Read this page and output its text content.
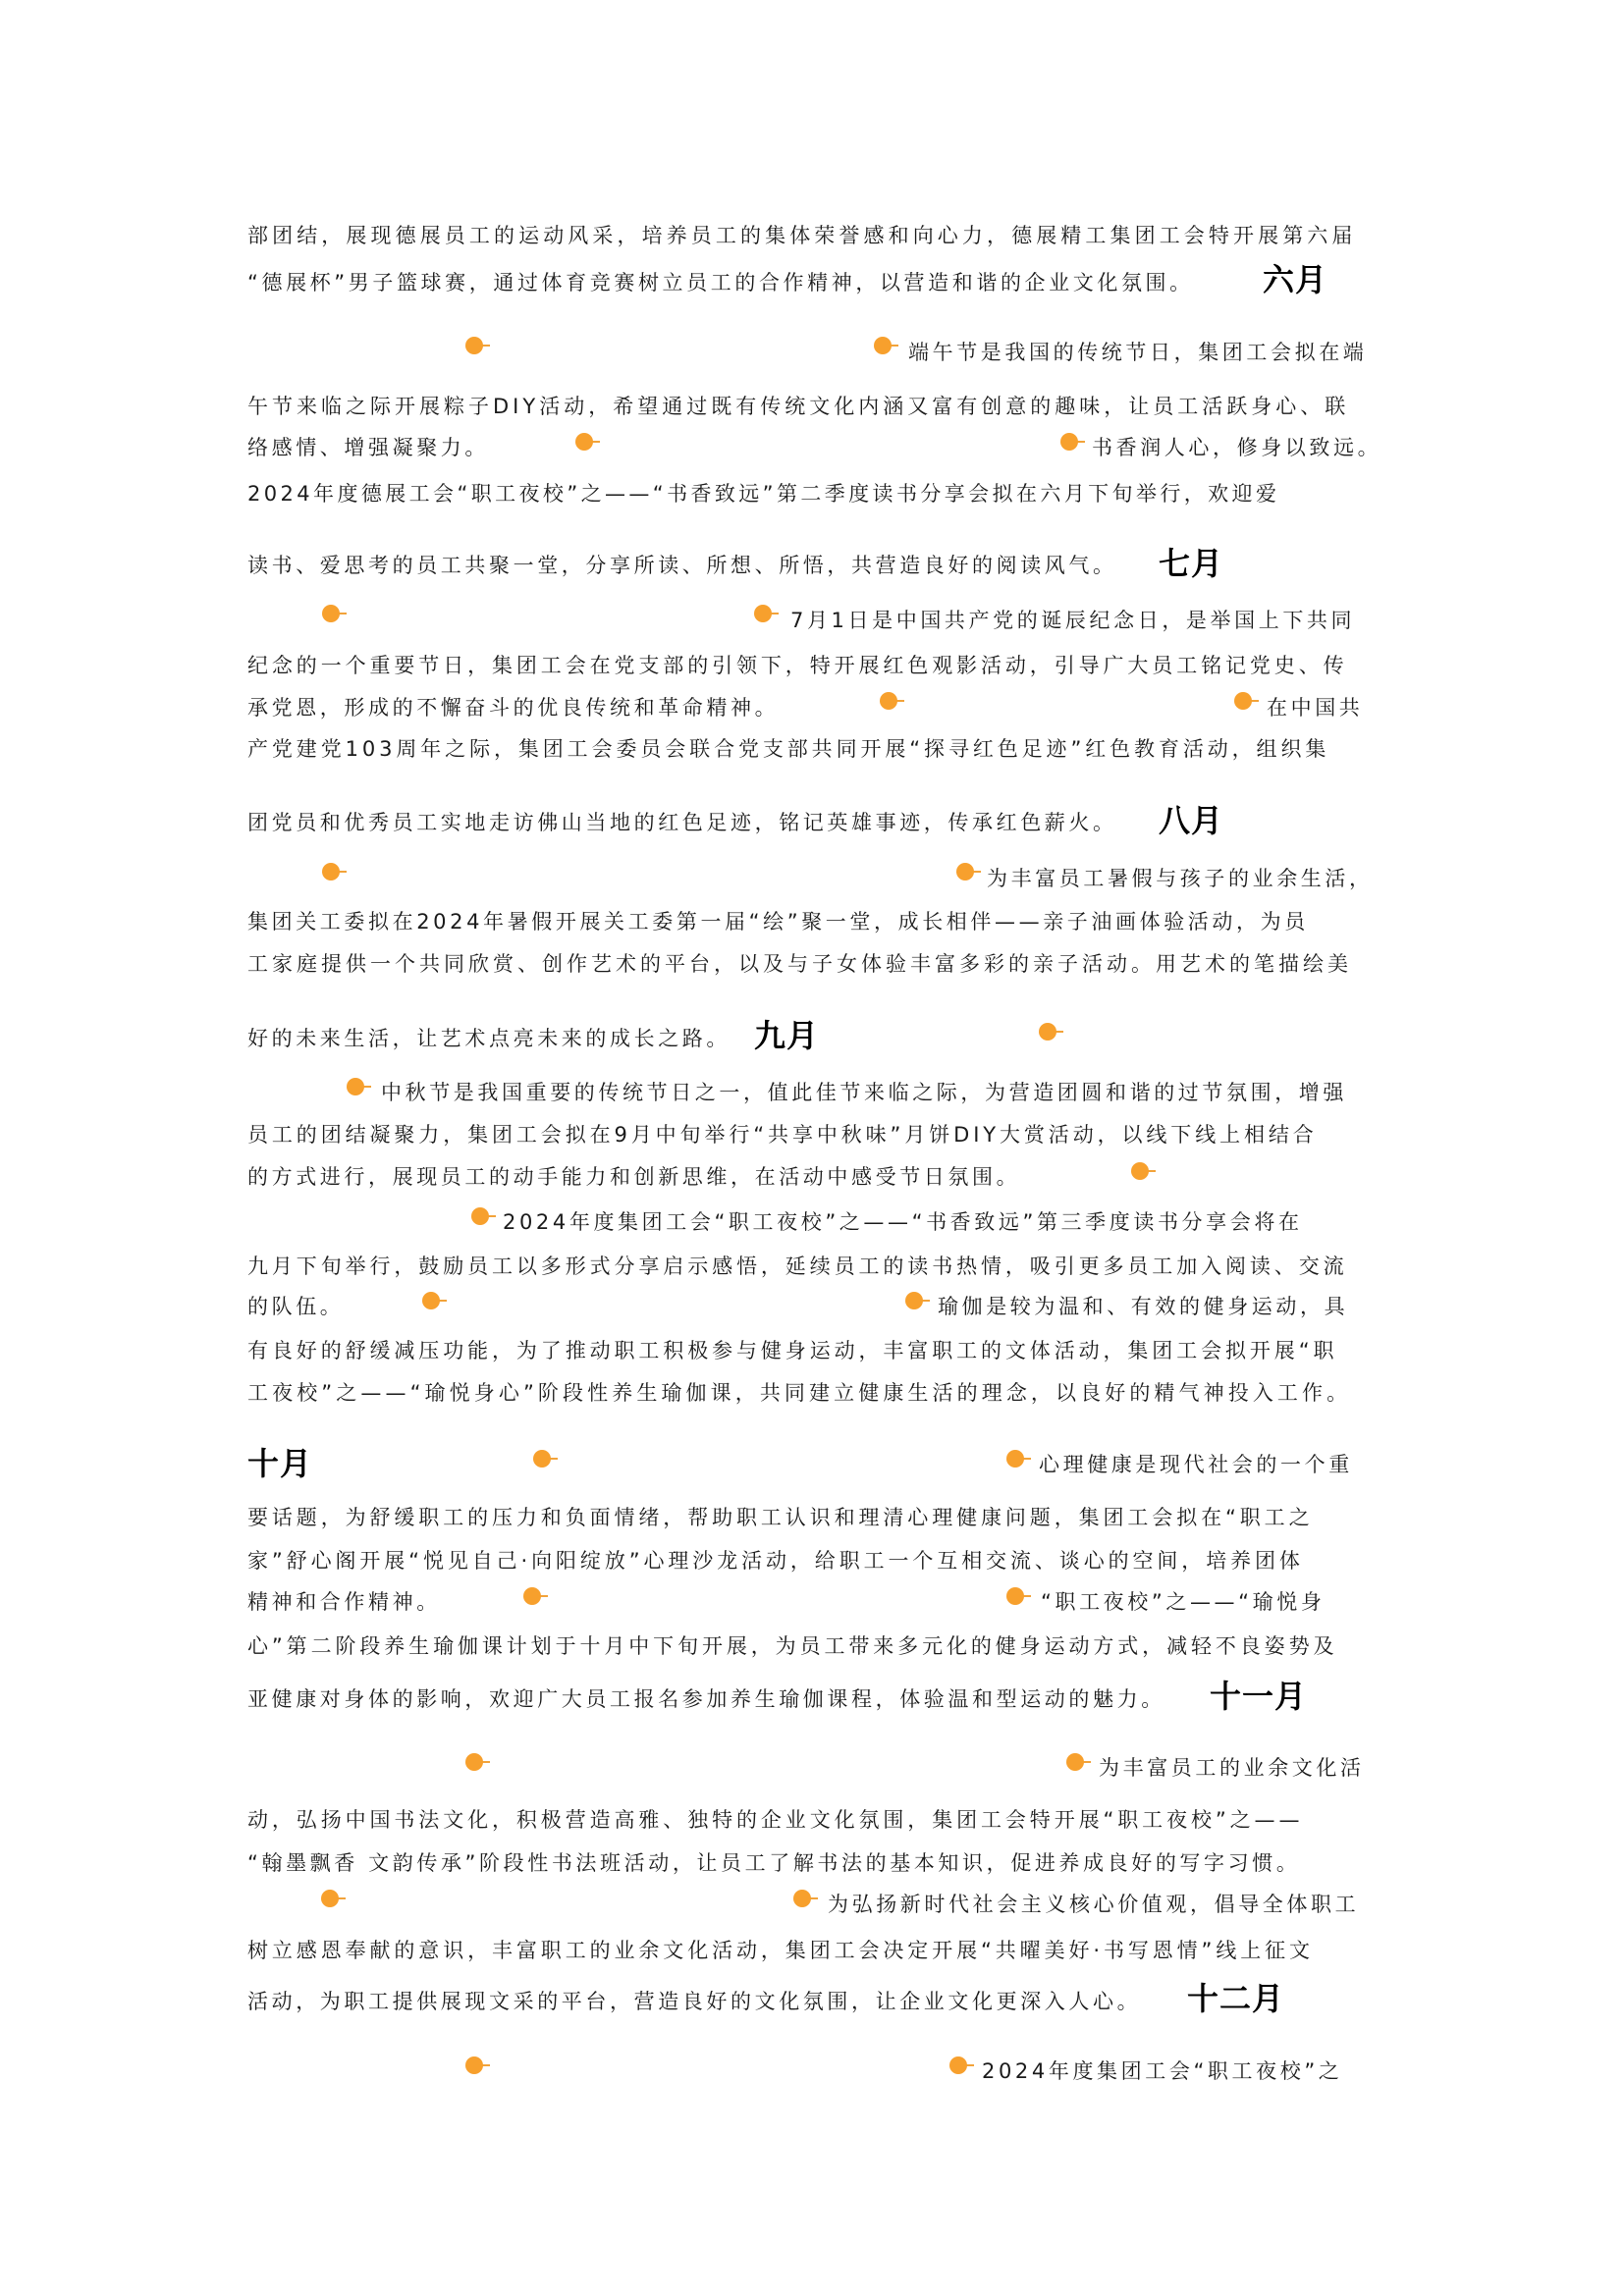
部团结，展现德展员工的运动风采，培养员工的集体荣誉感和向心力，德展精工集团工会特开展第六届
“德展杯”男子篮球赛，通过体育竞赛树立员工的合作精神，以营造和谐的企业文化氛围。 六月
端午节是我国的传统节日，集团工会拟在端
午节来临之际开展粽子DIY活动，希望通过既有传统文化内涵又富有创意的趣味，让员工活跃身心、联
络感情、增强凝聚力。	书香润人心，修身以致远。
2024年度德展工会“职工夜校”之——“书香致远”第二季度读书分享会拟在六月下旬举行，欢迎爱
读书、爱思考的员工共聚一堂，分享所读、所想、所悟，共营造良好的阅读风气。 七月
7月1日是中国共产党的诞辰纪念日，是举国上下共同
纪念的一个重要节日，集团工会在党支部的引领下，特开展红色观影活动，引导广大员工铭记党史、传
承党恩，形成的不懈奋斗的优良传统和革命精神。	在中国共
产党建党103周年之际，集团工会委员会联合党支部共同开展“探寻红色足迹”红色教育活动，组织集
团党员和优秀员工实地走访佛山当地的红色足迹，铭记英雄事迹，传承红色薪火。 八月
为丰富员工暑假与孩子的业余生活，
集团关工委拟在2024年暑假开展关工委第一届“绘”聚一堂，成长相伴——亲子油画体验活动，为员
工家庭提供一个共同欣赏、创作艺术的平台，以及与子女体验丰富多彩的亲子活动。用艺术的笔描绘美
好的未来生活，让艺术点亮未来的成长之路。 九月
中秋节是我国重要的传统节日之一，值此佳节来临之际，为营造团圆和谐的过节氛围，增强
员工的团结凝聚力，集团工会拟在9月中旬举行“共享中秋味”月饼DIY大赏活动，以线下线上相结合
的方式进行，展现员工的动手能力和创新思维，在活动中感受节日氛围。
2024年度集团工会“职工夜校”之——“书香致远”第三季度读书分享会将在
九月下旬举行，鼓励员工以多形式分享启示感悟，延续员工的读书热情，吸引更多员工加入阅读、交流
的队伍。	瑜伽是较为温和、有效的健身运动，具
有良好的舒缓减压功能，为了推动职工积极参与健身运动，丰富职工的文体活动，集团工会拟开展“职
工夜校”之——“瑜悦身心”阶段性养生瑜伽课，共同建立健康生活的理念，以良好的精气神投入工作。
十月	心理健康是现代社会的一个重
要话题，为舒缓职工的压力和负面情绪，帮助职工认识和理清心理健康问题，集团工会拟在“职工之
家”舒心阁开展“悦见自己·向阳绽放”心理沙龙活动，给职工一个互相交流、谈心的空间，培养团体
精神和合作精神。	“职工夜校”之——“瑜悦身
心”第二阶段养生瑜伽课计划于十月中下旬开展，为员工带来多元化的健身运动方式，减轻不良姿势及
亚健康对身体的影响，欢迎广大员工报名参加养生瑜伽课程，体验温和型运动的魅力。 十一月
为丰富员工的业余文化活
动，弘扬中国书法文化，积极营造高雅、独特的企业文化氛围，集团工会特开展“职工夜校”之——
“翰墨飘香 文韵传承”阶段性书法班活动，让员工了解书法的基本知识，促进养成良好的写字习惯。
为弘扬新时代社会主义核心价值观，倡导全体职工
树立感恩奉献的意识，丰富职工的业余文化活动，集团工会决定开展“共曜美好·书写恩情”线上征文
活动，为职工提供展现文采的平台，营造良好的文化氛围，让企业文化更深入人心。 十二月
2024年度集团工会“职工夜校”之
